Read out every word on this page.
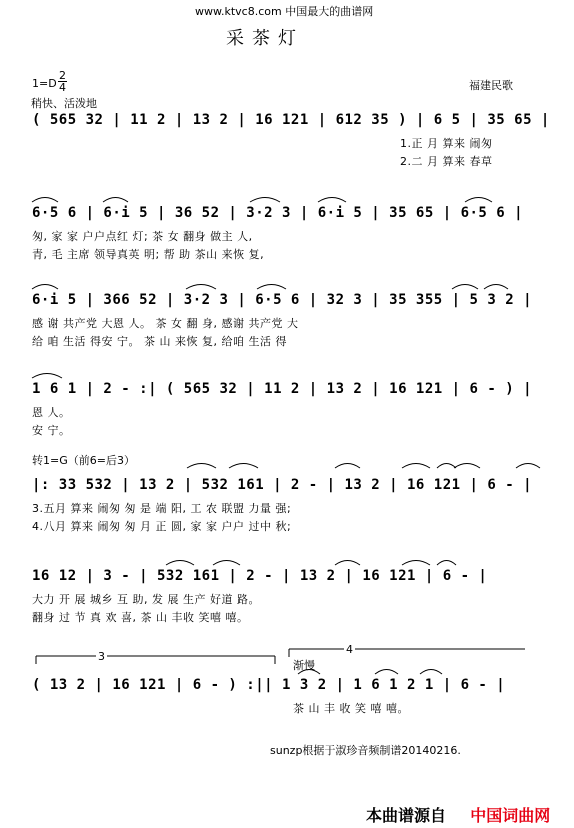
www.ktvc8.com 中国最大的曲谱网
采茶灯
1=D
2
4
稍快、活泼地
福建民歌
( 565 32 | 11 2 | 13 2 | 16 121 | 612 35 ) | 6 5 | 35 65 |
1.正 月 算来 闹匆
2.二 月 算来 春草
6·5 6 | 6·i 5 | 36 52 | 3·2 3 | 6·i 5 | 35 65 | 6·5 6 |
匆, 家 家 户户点红 灯; 茶 女 翻身 做主 人,
青, 毛 主席 领导真英 明; 帮 助 茶山 来恢 复,
6·i 5 | 366 52 | 3·2 3 | 6·5 6 | 32 3 | 35 355 | 5 3 2 |
感 谢 共产党 大恩 人。 茶 女 翻 身, 感谢 共产党 大
给 咱 生活 得安 宁。 茶 山 来恢 复, 给咱 生活 得
1 6 1 | 2 - :| ( 565 32 | 11 2 | 13 2 | 16 121 | 6 - ) |
恩 人。
安 宁。
|: 33 532 | 13 2 | 532 161 | 2 - | 13 2 | 16 121 | 6 - |
3.五月 算来 闹匆 匆 是 端 阳, 工 农 联盟 力量 强;
4.八月 算来 闹匆 匆 月 正 圆, 家 家 户户 过中 秋;
16 12 | 3 - | 532 161 | 2 - | 13 2 | 16 121 | 6 - |
大力 开 展 城乡 互 助, 发 展 生产 好道 路。
翻身 过 节 真 欢 喜, 茶 山 丰收 笑嘻 嘻。
( 13 2 | 16 121 | 6 - ) :|| 1 3 2 | 1 6 1 2 1 | 6 - |
茶 山 丰 收 笑 嘻 嘻。
转1=G（前6=后3）
3
4
渐慢
sunzp根据于淑珍音频制谱20140216.
本曲谱源自 中国词曲网
